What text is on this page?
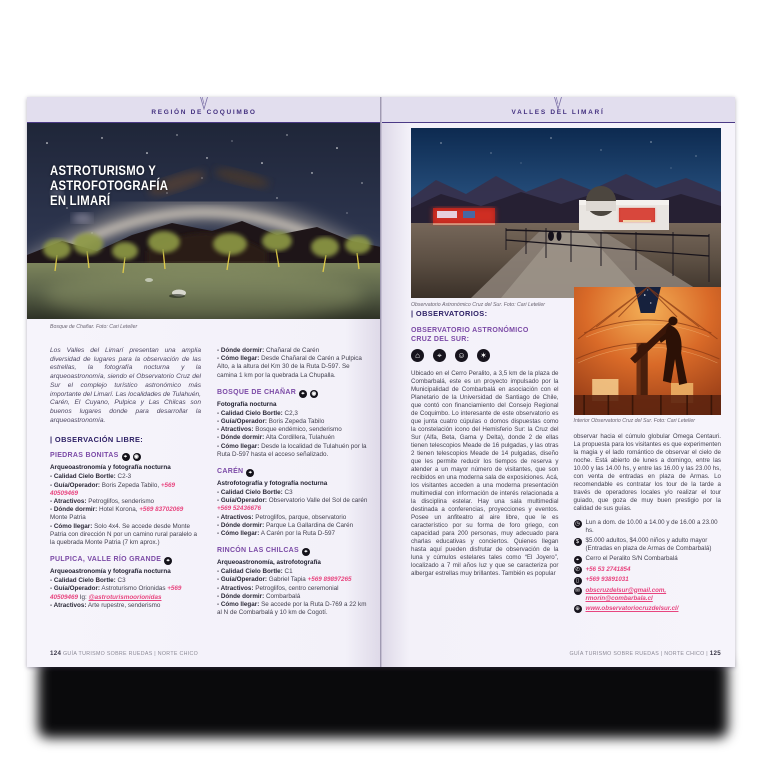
REGIÓN DE COQUIMBO
ASTROTURISMO Y
ASTROFOTOGRAFÍA
EN LIMARÍ
Bosque de Chañar. Foto: Cari Letelier

Los Valles del Limarí presentan una amplia diversidad de lugares para la observación de las estrellas, la fotografía nocturna y la arqueoastronomía, siendo el Observatorio Cruz del Sur el complejo turístico astronómico más importante del Limarí. Las localidades de Tulahuén, Carén, El Cuyano, Pulpica y Las Chilcas son buenos lugares donde para desarrollar la arqueoastronomía.

| OBSERVACIÓN LIBRE:

PIEDRAS BONITAS ⌖ ◉
Arqueoastronomía y fotografía nocturna

- Calidad Cielo Bortle: C2-3

- Guía/Operador: Boris Zepeda Tabilo, +569 40509469

- Atractivos: Petroglifos, senderismo

- Dónde dormir: Hotel Korona, +569 83702069 Monte Patria

- Cómo llegar: Solo 4x4. Se accede desde Monte Patria con dirección N por un camino rural paralelo a la quebrada Monte Patria (7 km aprox.)

PULPICA, VALLE RÍO GRANDE ⌖
Arqueoastronomía y fotografía nocturna

- Calidad Cielo Bortle: C3

- Guía/Operador: Astroturismo Orionidas +569 40509469 Ig: @astroturismoorionidas

- Atractivos: Arte rupestre, senderismo

- Dónde dormir: Chañaral de Carén

- Cómo llegar: Desde Chañaral de Carén a Pulpica Alto, a la altura del Km 30 de la Ruta D-597. Se camina 1 km por la quebrada La Chupalla.

BOSQUE DE CHAÑAR ⌖ ◉
Fotografía nocturna

- Calidad Cielo Bortle: C2,3

- Guía/Operador: Boris Zepeda Tabilo

- Atractivos: Bosque endémico, senderismo

- Dónde dormir: Alta Cordillera, Tulahuén

- Cómo llegar: Desde la localidad de Tulahuén por la Ruta D-597 hasta el acceso señalizado.

CARÉN ⌖
Astrofotografía y fotografía nocturna

- Calidad Cielo Bortle: C3

- Guía/Operador: Observatorio Valle del Sol de carén +569 52436676

- Atractivos: Petroglifos, parque, observatorio

- Dónde dormir: Parque La Gallardina de Carén

- Cómo llegar: A Carén por la Ruta D-597

RINCÓN LAS CHILCAS ⌖
Arqueoastronomía, astrofotografía

- Calidad Cielo Bortle: C1

- Guía/Operador: Gabriel Tapia +569 89897265

- Atractivos: Petroglifos, centro ceremonial

- Dónde dormir: Combarbalá

- Cómo llegar: Se accede por la Ruta D-769 a 22 km al N de Combarbalá y 10 km de Cogotí.

124 GUÍA TURISMO SOBRE RUEDAS | NORTE CHICO
VALLES DEL LIMARÍ
Observatorio Astronómico Cruz del Sur. Foto: Cari Letelier

| OBSERVATORIOS:

OBSERVATORIO ASTRONÓMICO
CRUZ DEL SUR:

⌂	⌖	☺	✶

Ubicado en el Cerro Peralito, a 3,5 km de la plaza de Combarbalá, este es un proyecto impulsado por la Municipalidad de Combarbalá en asociación con el Planetario de la Universidad de Santiago de Chile, que contó con financiamiento del Consejo Regional de Coquimbo. Lo interesante de este observatorio es que junta cuatro cúpulas o domos dispuestas como la constelación icono del Hemisferio Sur: la Cruz del Sur (Alfa, Beta, Gama y Delta), donde 2 de ellas tienen telescopios Meade de 16 pulgadas, y las otras 2 tienen telescopios Meade de 14 pulgadas, diseño que les permite reducir los tiempos de reserva y atender a un mayor número de visitantes, que son recibidos en una moderna sala de exposiciones. Acá, los visitantes acceden a una moderna presentación multimedial con información de interés relacionada a la disciplina estelar. Hay una sala multimedial destinada a conferencias, proyecciones y eventos. Posee un anfiteatro al aire libre, que le es característico por su forma de foro griego, con capacidad para 200 personas, muy adecuado para charlas educativas y conciertos. Quienes llegan hasta aquí pueden disfrutar de observación de la luna y cúmulos estelares tales como “El Joyero”, localizado a 7 mil años luz y que se caracteriza por albergar estrellas muy brillantes. También es popular

Interior Observatorio Cruz del Sur. Foto: Cari Letelier

observar hacia el cúmulo globular Omega Centauri. La propuesta para los visitantes es que experimenten la magia y el lado romántico de observar el cielo de noche. Está abierto de lunes a domingo, entre las 10.00 y las 14.00 hs, y entre las 16.00 y las 23.00 hs, con venta de entradas en plaza de Armas. Lo recomendable es contratar los tour de la tarde a través de operadores locales y/o realizar el tour guiado, que goza de muy buen prestigio por la calidad de sus guías.

◷ Lun a dom. de 10.00 a 14.00 y de 16.00 a 23.00 hs.
$	$5.000 adultos, $4.000 niños y adulto mayor (Entradas en plaza de Armas de Combarbalá)
⌖	Cerro el Peralito S/N Combarbalá
✆ +56 53 2741854
▯	+569 93891031
✉ obscruzdelsur@gmail.com,
rmorin@combarbala.cl
⊕ www.observatoriocruzdelsur.cl/
GUÍA TURISMO SOBRE RUEDAS | NORTE CHICO | 125
